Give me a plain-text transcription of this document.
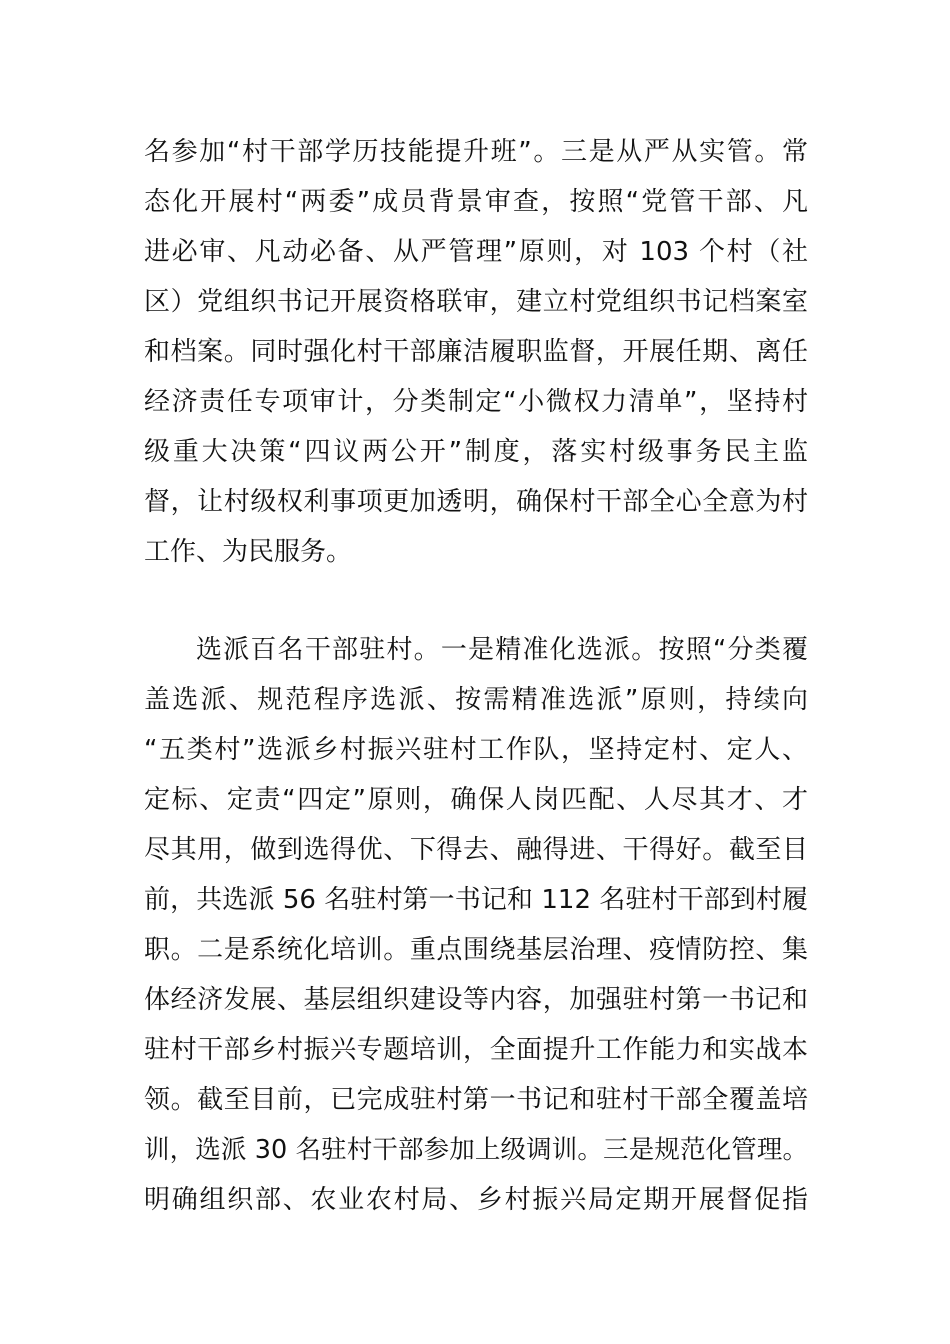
名参加“村干部学历技能提升班”。三是从严从实管。常
态化开展村“两委”成员背景审查，按照“党管干部、凡
进必审、凡动必备、从严管理”原则，对 103 个村（社
区）党组织书记开展资格联审，建立村党组织书记档案室
和档案。同时强化村干部廉洁履职监督，开展任期、离任
经济责任专项审计，分类制定“小微权力清单”，坚持村
级重大决策“四议两公开”制度，落实村级事务民主监
督，让村级权利事项更加透明，确保村干部全心全意为村
工作、为民服务。
选派百名干部驻村。一是精准化选派。按照“分类覆
盖选派、规范程序选派、按需精准选派”原则，持续向
“五类村”选派乡村振兴驻村工作队，坚持定村、定人、
定标、定责“四定”原则，确保人岗匹配、人尽其才、才
尽其用，做到选得优、下得去、融得进、干得好。截至目
前，共选派 56 名驻村第一书记和 112 名驻村干部到村履
职。二是系统化培训。重点围绕基层治理、疫情防控、集
体经济发展、基层组织建设等内容，加强驻村第一书记和
驻村干部乡村振兴专题培训，全面提升工作能力和实战本
领。截至目前，已完成驻村第一书记和驻村干部全覆盖培
训，选派 30 名驻村干部参加上级调训。三是规范化管理。
明确组织部、农业农村局、乡村振兴局定期开展督促指
